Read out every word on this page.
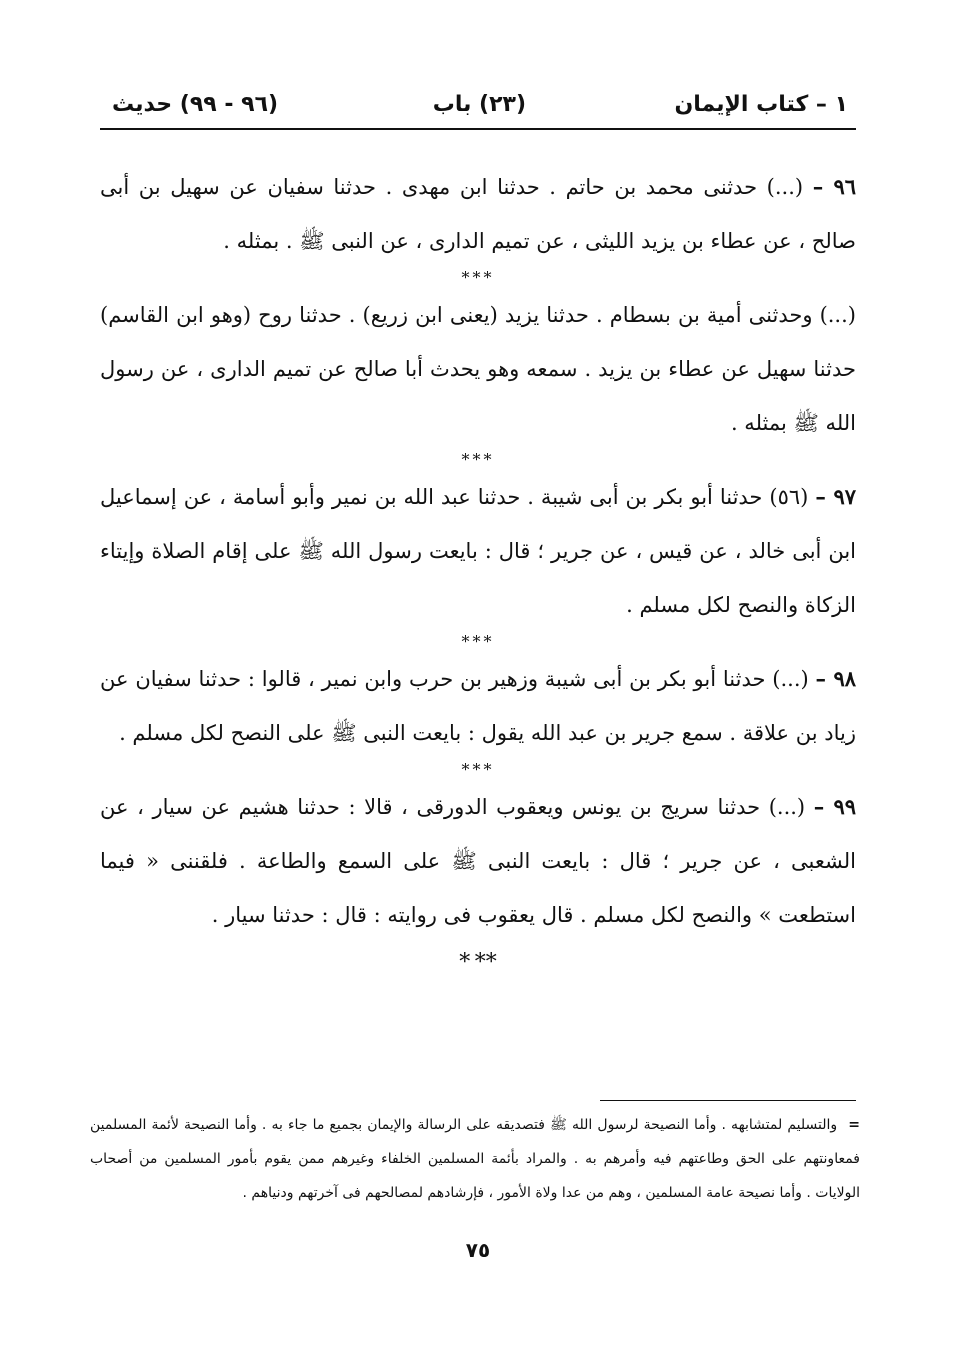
١ – كتاب الإيمان
(٢٣) باب
(٩٦ - ٩٩) حديث

٩٦ – (...) حدثنى محمد بن حاتم . حدثنا ابن مهدى . حدثنا سفيان عن سهيل بن أبى صالح ، عن عطاء بن يزيد الليثى ، عن تميم الدارى ، عن النبى ﷺ . بمثله .

***

(...) وحدثنى أمية بن بسطام . حدثنا يزيد (يعنى ابن زريع) . حدثنا روح (وهو ابن القاسم) حدثنا سهيل عن عطاء بن يزيد . سمعه وهو يحدث أبا صالح عن تميم الدارى ، عن رسول الله ﷺ بمثله .

***

٩٧ – (٥٦) حدثنا أبو بكر بن أبى شيبة . حدثنا عبد الله بن نمير وأبو أسامة ، عن إسماعيل ابن أبى خالد ، عن قيس ، عن جرير ؛ قال : بايعت رسول الله ﷺ على إقام الصلاة وإيتاء الزكاة والنصح لكل مسلم .

***

٩٨ – (...) حدثنا أبو بكر بن أبى شيبة وزهير بن حرب وابن نمير ، قالوا : حدثنا سفيان عن زياد بن علاقة . سمع جرير بن عبد الله يقول : بايعت النبى ﷺ على النصح لكل مسلم .

***

٩٩ – (...) حدثنا سريج بن يونس ويعقوب الدورقى ، قالا : حدثنا هشيم عن سيار ، عن الشعبى ، عن جرير ؛ قال : بايعت النبى ﷺ على السمع والطاعة . فلقننى « فيما استطعت » والنصح لكل مسلم . قال يعقوب فى روايته : قال : حدثنا سيار .

* **

= والتسليم لمتشابهه . وأما النصيحة لرسول الله ﷺ فتصديقه على الرسالة والإيمان بجميع ما جاء به . وأما النصيحة لأئمة المسلمين فمعاونتهم على الحق وطاعتهم فيه وأمرهم به . والمراد بأئمة المسلمين الخلفاء وغيرهم ممن يقوم بأمور المسلمين من أصحاب الولايات . وأما نصيحة عامة المسلمين ، وهم من عدا ولاة الأمور ، فإرشادهم لمصالحهم فى آخرتهم ودنياهم .
٧٥
